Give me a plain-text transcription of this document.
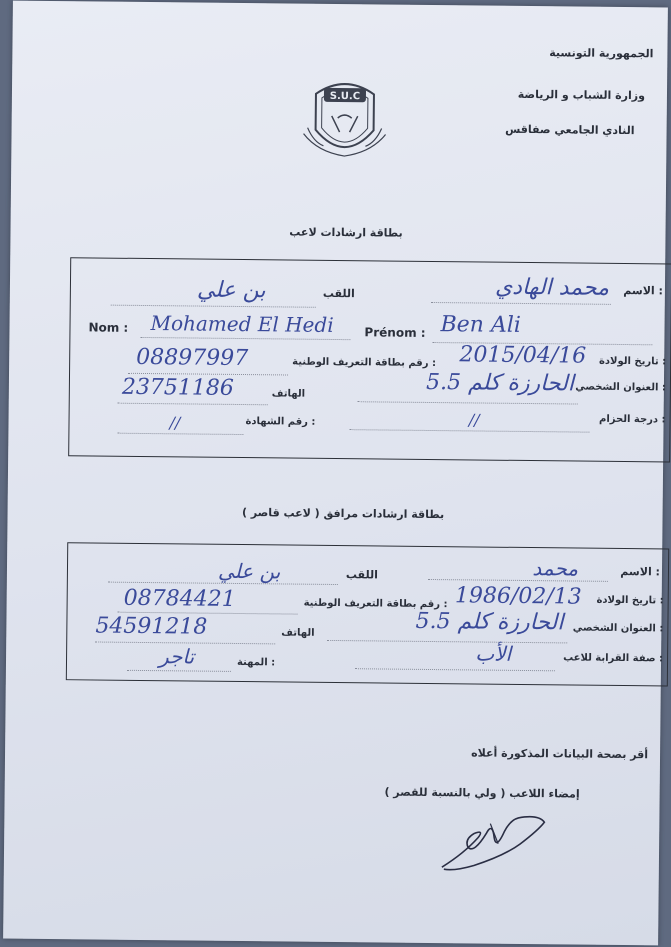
الجمهورية التونسية
وزارة الشباب و الرياضة
النادي الجامعي صفاقس
S.U.C
بطاقة ارشادات لاعب
الاسم :
محمد الهادي
اللقب
بن علي
Nom : Mohamed El Hedi	Prénom : Ben Ali
تاريخ الولادة :
2015/04/16
رقم بطاقة التعريف الوطنية :
08897997
العنوان الشخصي :
الحارزة كلم 5.5
الهاتف
23751186
درجة الحزام :
//
رقم الشهادة :
//
بطاقة ارشادات مرافق ( لاعب قاصر )
الاسم :
محمد
اللقب
بن علي
تاريخ الولادة :
1986/02/13
رقم بطاقة التعريف الوطنية :
08784421
العنوان الشخصي :
الحارزة كلم 5.5
الهاتف
54591218
صفة القرابة للاعب :
الأب
المهنة :
تاجر
أقر بصحة البيانات المذكورة أعلاه
إمضاء اللاعب ( ولي بالنسبة للقصر )
